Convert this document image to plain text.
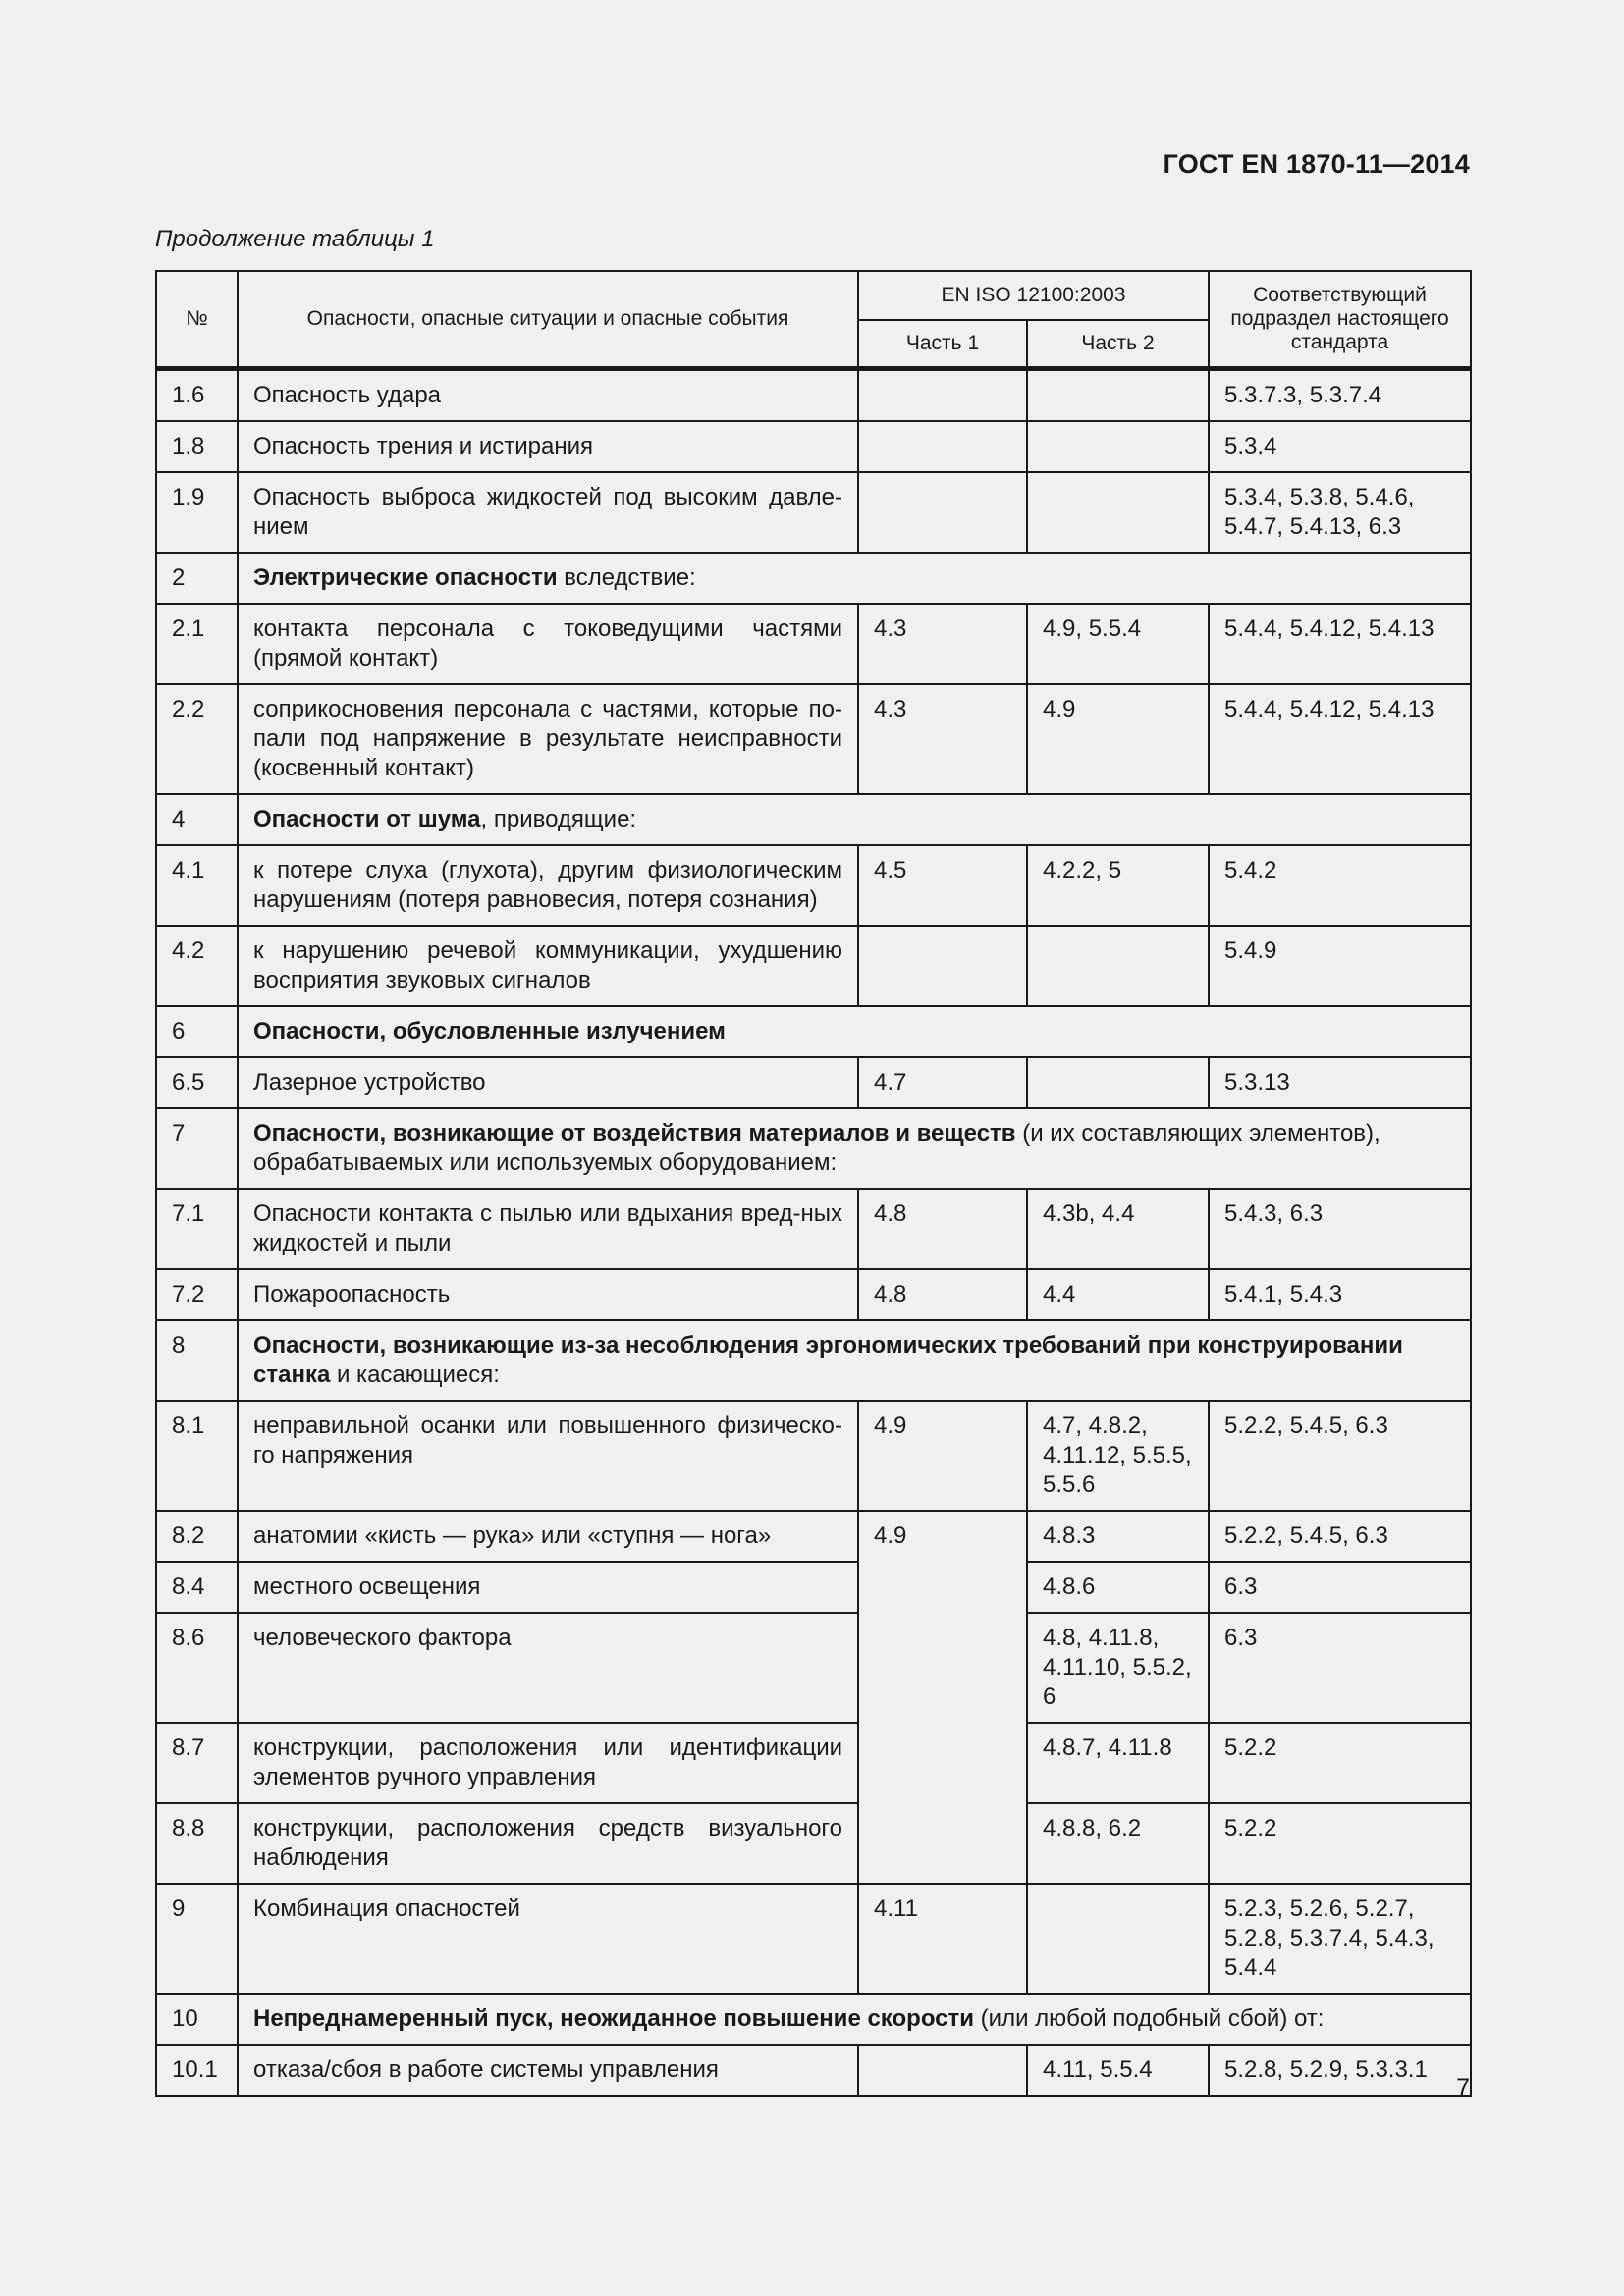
ГОСТ EN 1870-11—2014
Продолжение таблицы 1
№	Опасности, опасные ситуации и опасные события	EN ISO 12100:2003		Соответствующий подраздел настоящего стандарта
		Часть 1	Часть 2	
1.6	Опасность удара			5.3.7.3, 5.3.7.4
1.8	Опасность трения и истирания			5.3.4
1.9	Опасность выброса жидкостей под высоким давле-нием			5.3.4, 5.3.8, 5.4.6, 5.4.7, 5.4.13, 6.3
2	Электрические опасности вследствие:			
2.1	контакта персонала с токоведущими частями (прямой контакт)	4.3	4.9, 5.5.4	5.4.4, 5.4.12, 5.4.13
2.2	соприкосновения персонала с частями, которые по-пали под напряжение в результате неисправности (косвенный контакт)	4.3	4.9	5.4.4, 5.4.12, 5.4.13
4	Опасности от шума, приводящие:			
4.1	к потере слуха (глухота), другим физиологическим нарушениям (потеря равновесия, потеря сознания)	4.5	4.2.2, 5	5.4.2
4.2	к нарушению речевой коммуникации, ухудшению восприятия звуковых сигналов			5.4.9
6	Опасности, обусловленные излучением			
6.5	Лазерное устройство	4.7		5.3.13
7	Опасности, возникающие от воздействия материалов и веществ (и их составляющих элементов), обрабатываемых или используемых оборудованием:			
7.1	Опасности контакта с пылью или вдыхания вред-ных жидкостей и пыли	4.8	4.3b, 4.4	5.4.3, 6.3
7.2	Пожароопасность	4.8	4.4	5.4.1, 5.4.3
8	Опасности, возникающие из-за несоблюдения эргономических требований при конструировании станка и касающиеся:			
8.1	неправильной осанки или повышенного физическо-го напряжения	4.9	4.7, 4.8.2, 4.11.12, 5.5.5, 5.5.6	5.2.2, 5.4.5, 6.3
8.2	анатомии «кисть — рука» или «ступня — нога»	4.9	4.8.3	5.2.2, 5.4.5, 6.3
8.4	местного освещения		4.8.6	6.3
8.6	человеческого фактора		4.8, 4.11.8, 4.11.10, 5.5.2, 6	6.3
8.7	конструкции, расположения или идентификации элементов ручного управления		4.8.7, 4.11.8	5.2.2
8.8	конструкции, расположения средств визуального наблюдения		4.8.8, 6.2	5.2.2
9	Комбинация опасностей	4.11		5.2.3, 5.2.6, 5.2.7, 5.2.8, 5.3.7.4, 5.4.3, 5.4.4
10	Непреднамеренный пуск, неожиданное повышение скорости (или любой подобный сбой) от:			
10.1	отказа/сбоя в работе системы управления		4.11, 5.5.4	5.2.8, 5.2.9, 5.3.3.1
7
